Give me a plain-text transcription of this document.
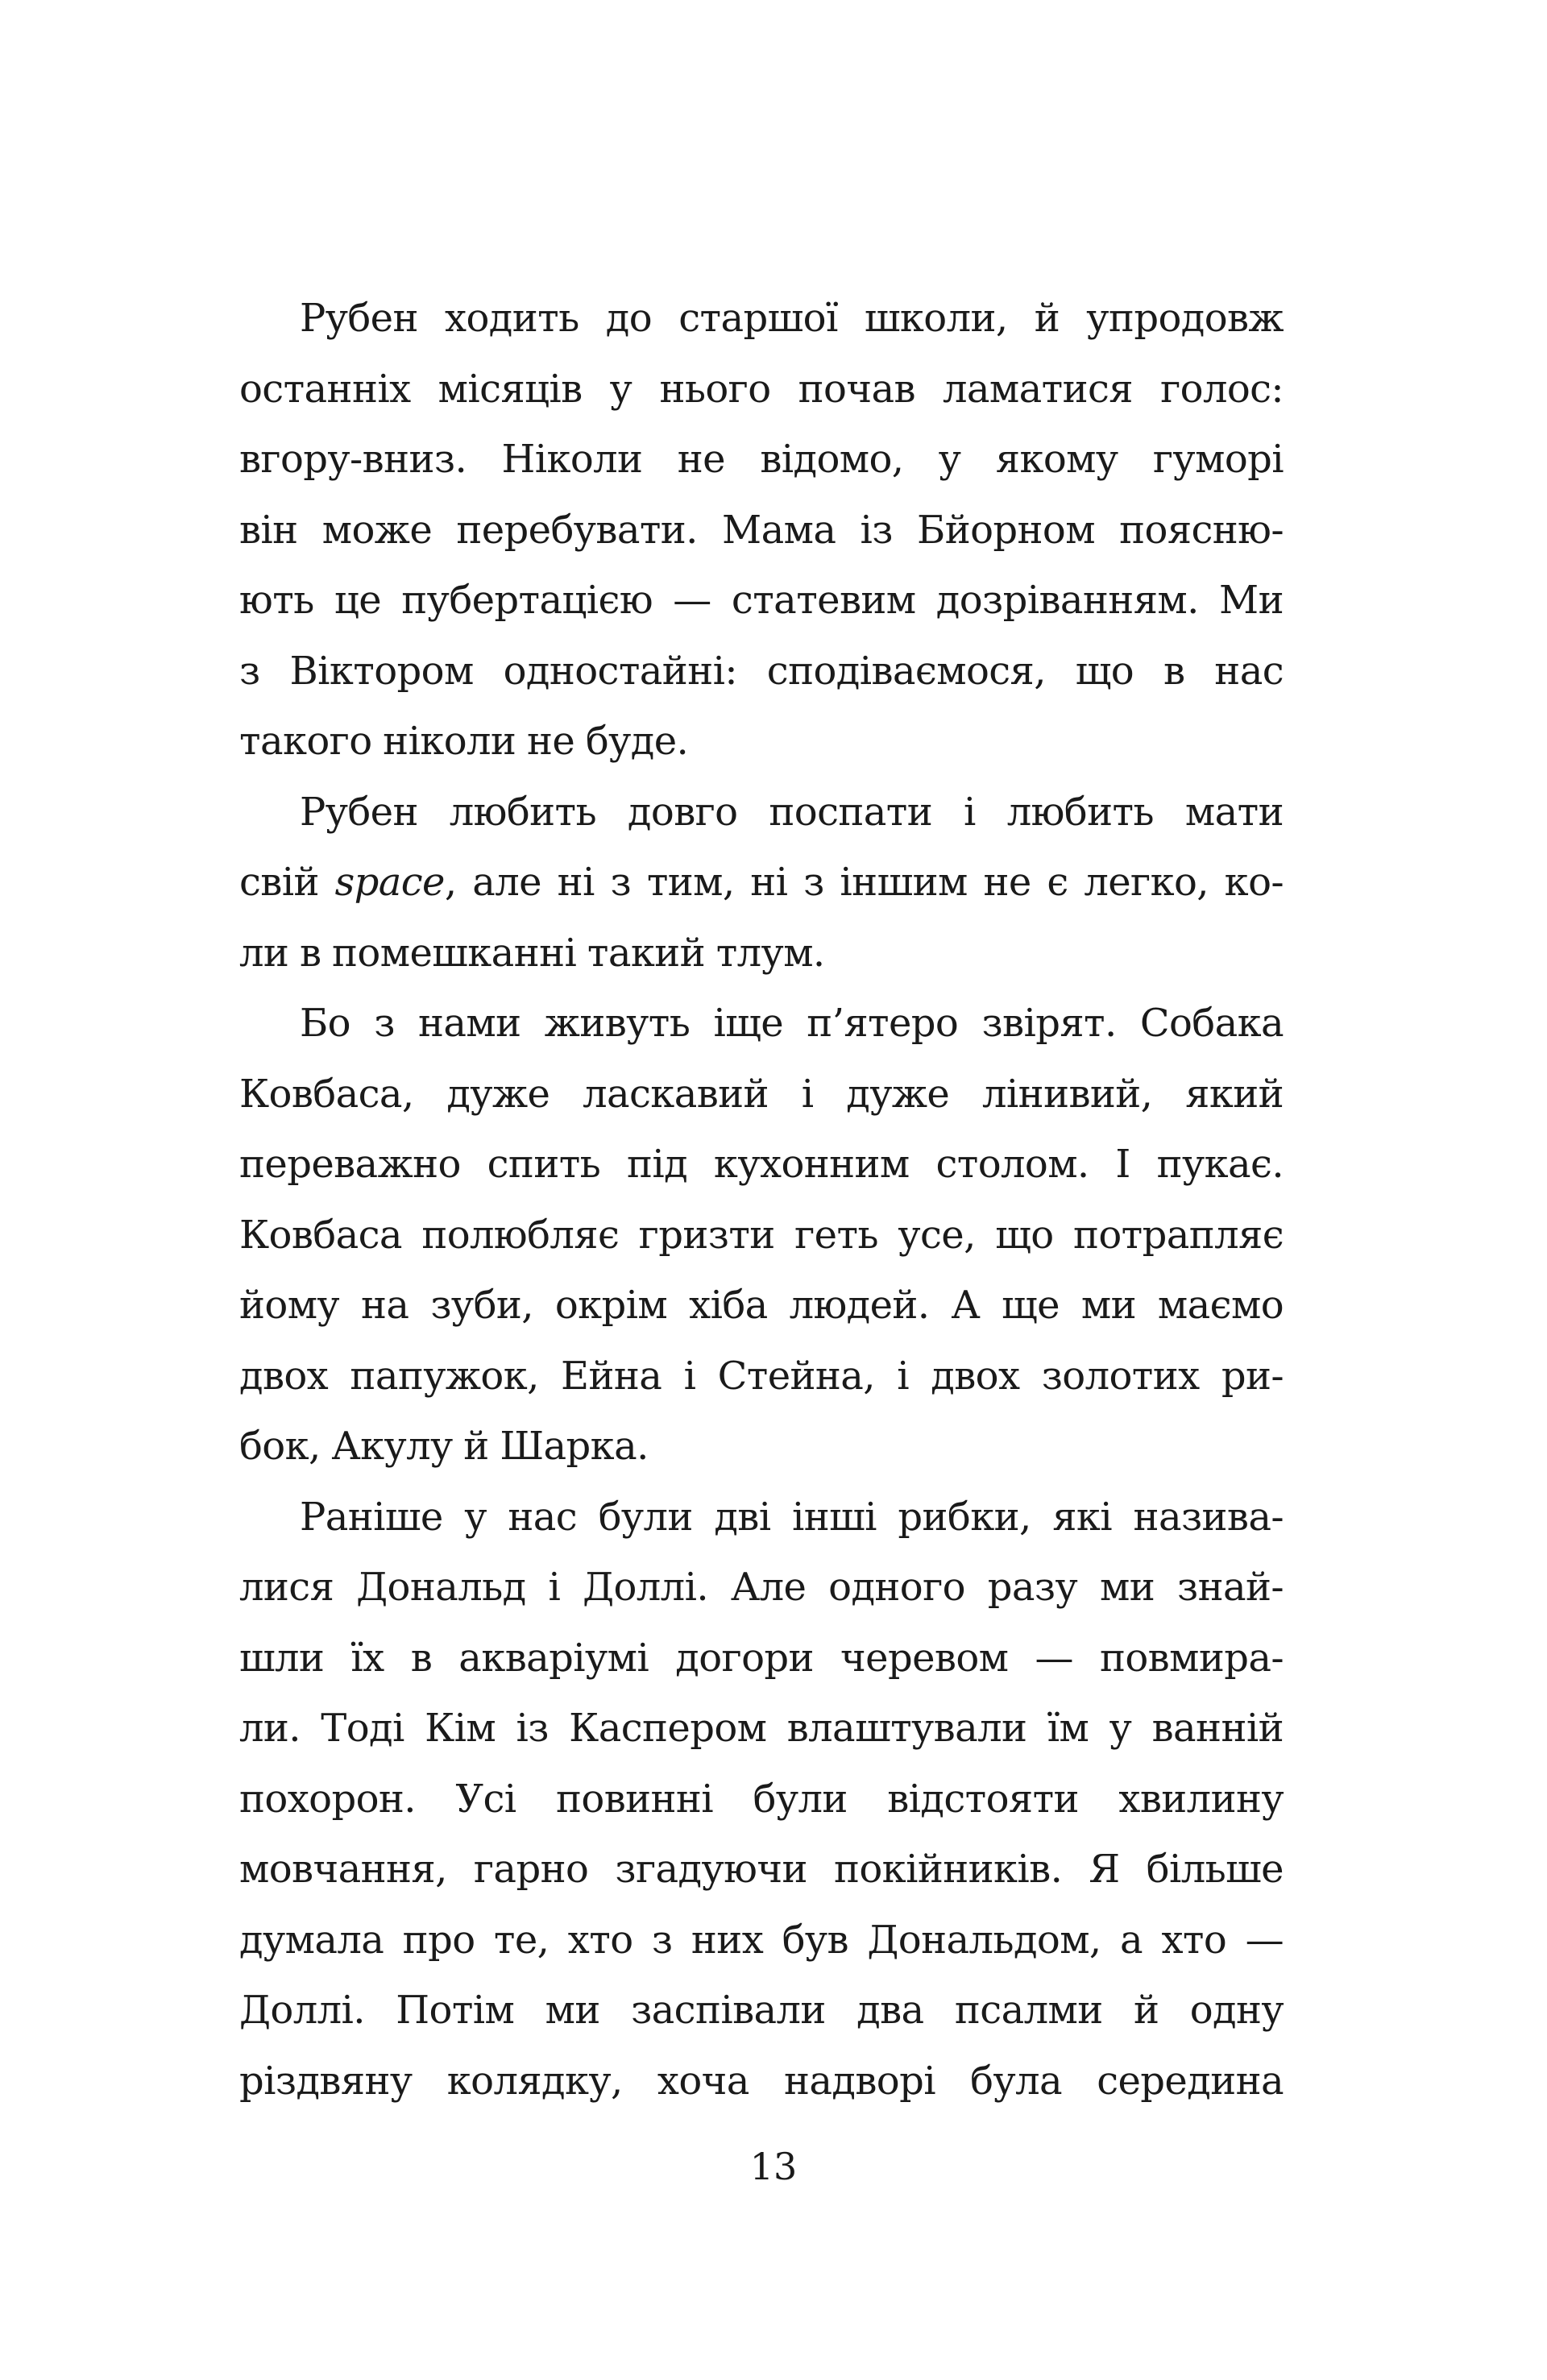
Рубен ходить до старшої школи, й упродовж
останніх місяців у нього почав ламатися голос:
вгору-вниз. Ніколи не відомо, у якому гуморі
він може перебувати. Мама із Бйорном поясню-
ють це пубертацією — статевим дозріванням. Ми
з Віктором одностайні: сподіваємося, що в нас
такого ніколи не буде.
Рубен любить довго поспати і любить мати
свій space, але ні з тим, ні з іншим не є легко, ко-
ли в помешканні такий тлум.
Бо з нами живуть іще п’ятеро звірят. Собака
Ковбаса, дуже ласкавий і дуже лінивий, який
переважно спить під кухонним столом. І пукає.
Ковбаса полюбляє гризти геть усе, що потрапляє
йому на зуби, окрім хіба людей. А ще ми маємо
двох папужок, Ейна і Стейна, і двох золотих ри-
бок, Акулу й Шарка.
Раніше у нас були дві інші рибки, які назива-
лися Дональд і Доллі. Але одного разу ми знай-
шли їх в акваріумі догори черевом — повмира-
ли. Тоді Кім із Каспером влаштували їм у ванній
похорон. Усі повинні були відстояти хвилину
мовчання, гарно згадуючи покійників. Я більше
думала про те, хто з них був Дональдом, а хто —
Доллі. Потім ми заспівали два псалми й одну
різдвяну колядку, хоча надворі була середина
13
